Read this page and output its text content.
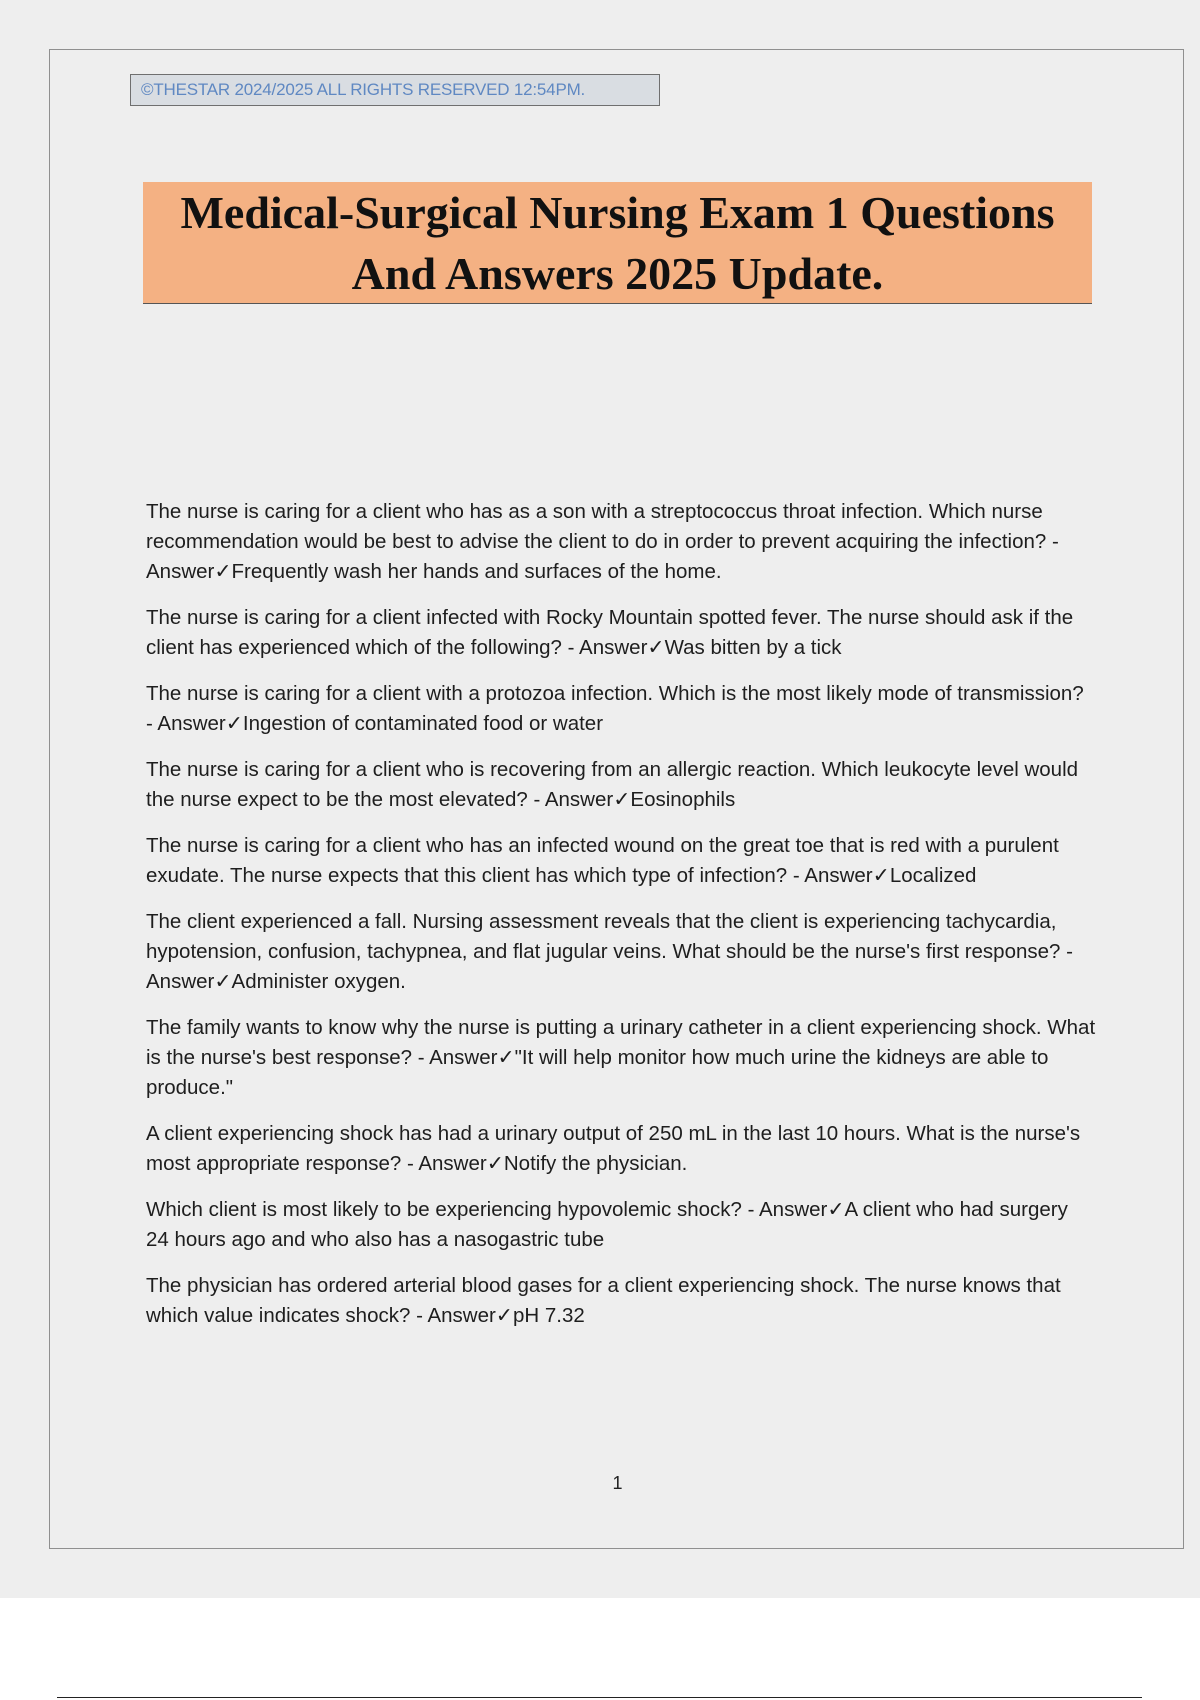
©THESTAR 2024/2025 ALL RIGHTS RESERVED 12:54PM.
Medical-Surgical Nursing Exam 1 Questions
And Answers 2025 Update.

The nurse is caring for a client who has as a son with a streptococcus throat infection. Which nurse recommendation would be best to advise the client to do in order to prevent acquiring the infection? - Answer✓Frequently wash her hands and surfaces of the home.

The nurse is caring for a client infected with Rocky Mountain spotted fever. The nurse should ask if the client has experienced which of the following? - Answer✓Was bitten by a tick

The nurse is caring for a client with a protozoa infection. Which is the most likely mode of transmission? - Answer✓Ingestion of contaminated food or water

The nurse is caring for a client who is recovering from an allergic reaction. Which leukocyte level would the nurse expect to be the most elevated? - Answer✓Eosinophils

The nurse is caring for a client who has an infected wound on the great toe that is red with a purulent exudate. The nurse expects that this client has which type of infection? - Answer✓Localized

The client experienced a fall. Nursing assessment reveals that the client is experiencing tachycardia, hypotension, confusion, tachypnea, and flat jugular veins. What should be the nurse's first response? - Answer✓Administer oxygen.

The family wants to know why the nurse is putting a urinary catheter in a client experiencing shock. What is the nurse's best response? - Answer✓"It will help monitor how much urine the kidneys are able to produce."

A client experiencing shock has had a urinary output of 250 mL in the last 10 hours. What is the nurse's most appropriate response? - Answer✓Notify the physician.

Which client is most likely to be experiencing hypovolemic shock? - Answer✓A client who had surgery 24 hours ago and who also has a nasogastric tube

The physician has ordered arterial blood gases for a client experiencing shock. The nurse knows that which value indicates shock? - Answer✓pH 7.32

1
